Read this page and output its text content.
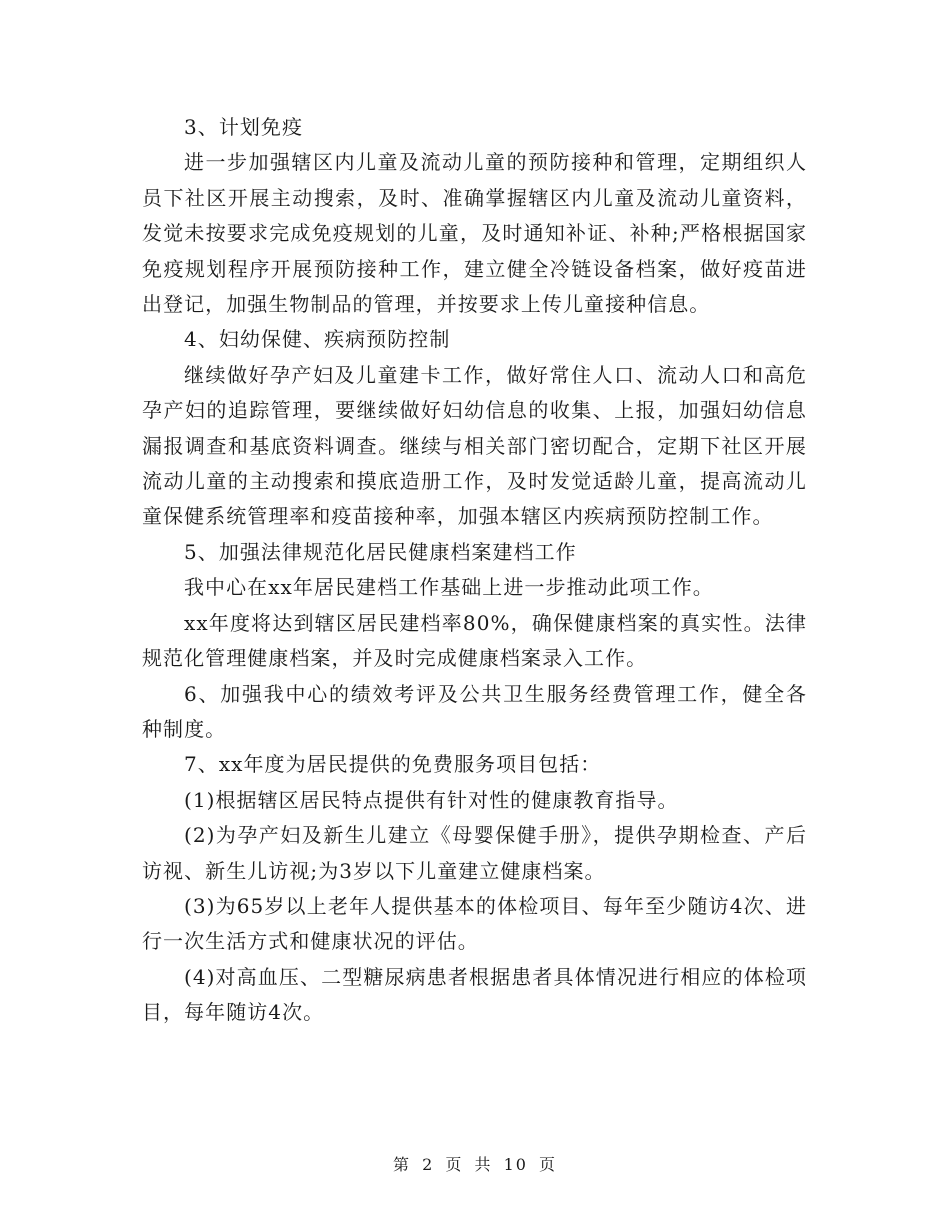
3、计划免疫

进一步加强辖区内儿童及流动儿童的预防接种和管理，定期组织人员下社区开展主动搜索，及时、准确掌握辖区内儿童及流动儿童资料，发觉未按要求完成免疫规划的儿童，及时通知补证、补种;严格根据国家免疫规划程序开展预防接种工作，建立健全冷链设备档案，做好疫苗进出登记，加强生物制品的管理，并按要求上传儿童接种信息。

4、妇幼保健、疾病预防控制

继续做好孕产妇及儿童建卡工作，做好常住人口、流动人口和高危孕产妇的追踪管理，要继续做好妇幼信息的收集、上报，加强妇幼信息漏报调查和基底资料调查。继续与相关部门密切配合，定期下社区开展流动儿童的主动搜索和摸底造册工作，及时发觉适龄儿童，提高流动儿童保健系统管理率和疫苗接种率，加强本辖区内疾病预防控制工作。

5、加强法律规范化居民健康档案建档工作

我中心在xx年居民建档工作基础上进一步推动此项工作。

xx年度将达到辖区居民建档率80%，确保健康档案的真实性。法律规范化管理健康档案，并及时完成健康档案录入工作。

6、加强我中心的绩效考评及公共卫生服务经费管理工作，健全各种制度。

7、xx年度为居民提供的免费服务项目包括：

(1)根据辖区居民特点提供有针对性的健康教育指导。

(2)为孕产妇及新生儿建立《母婴保健手册》，提供孕期检查、产后访视、新生儿访视;为3岁以下儿童建立健康档案。

(3)为65岁以上老年人提供基本的体检项目、每年至少随访4次、进行一次生活方式和健康状况的评估。

(4)对高血压、二型糖尿病患者根据患者具体情况进行相应的体检项目，每年随访4次。

第 2 页 共 10 页
